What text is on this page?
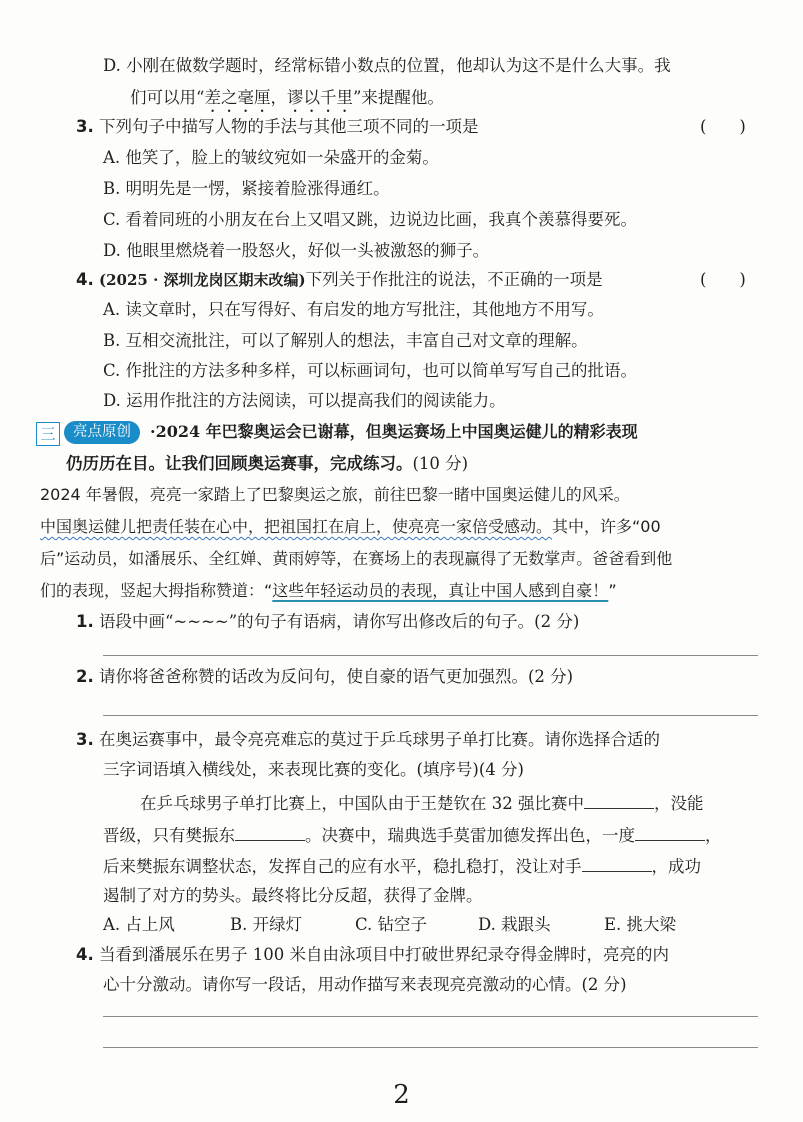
D. 小刚在做数学题时，经常标错小数点的位置，他却认为这不是什么大事。我
们可以用“差之毫厘，谬以千里”来提醒他。
3. 下列句子中描写人物的手法与其他三项不同的一项是	(　　)
A. 他笑了，脸上的皱纹宛如一朵盛开的金菊。
B. 明明先是一愣，紧接着脸涨得通红。
C. 看着同班的小朋友在台上又唱又跳，边说边比画，我真个羡慕得要死。
D. 他眼里燃烧着一股怒火，好似一头被激怒的狮子。
4. (2025 · 深圳龙岗区期末改编)下列关于作批注的说法，不正确的一项是	(　　)
A. 读文章时，只在写得好、有启发的地方写批注，其他地方不用写。
B. 互相交流批注，可以了解别人的想法，丰富自己对文章的理解。
C. 作批注的方法多种多样，可以标画词句，也可以简单写写自己的批语。
D. 运用作批注的方法阅读，可以提高我们的阅读能力。
三	亮点原创	·2024 年巴黎奥运会已谢幕，但奥运赛场上中国奥运健儿的精彩表现
仍历历在目。让我们回顾奥运赛事，完成练习。(10 分)
2024 年暑假，亮亮一家踏上了巴黎奥运之旅，前往巴黎一睹中国奥运健儿的风采。
中国奥运健儿把责任装在心中，把祖国扛在肩上，使亮亮一家倍受感动。其中，许多“00
后”运动员，如潘展乐、全红婵、黄雨婷等，在赛场上的表现赢得了无数掌声。爸爸看到他
们的表现，竖起大拇指称赞道：“这些年轻运动员的表现，真让中国人感到自豪！”
1. 语段中画“~~~~”的句子有语病，请你写出修改后的句子。(2 分)
2. 请你将爸爸称赞的话改为反问句，使自豪的语气更加强烈。(2 分)
3. 在奥运赛事中，最令亮亮难忘的莫过于乒乓球男子单打比赛。请你选择合适的
三字词语填入横线处，来表现比赛的变化。(填序号)(4 分)
在乒乓球男子单打比赛上，中国队由于王楚钦在 32 强比赛中	，没能
晋级，只有樊振东	。决赛中，瑞典选手莫雷加德发挥出色，一度	，
后来樊振东调整状态，发挥自己的应有水平，稳扎稳打，没让对手	，成功
遏制了对方的势头。最终将比分反超，获得了金牌。
A. 占上风	B. 开绿灯	C. 钻空子	D. 栽跟头	E. 挑大梁
4. 当看到潘展乐在男子 100 米自由泳项目中打破世界纪录夺得金牌时，亮亮的内
心十分激动。请你写一段话，用动作描写来表现亮亮激动的心情。(2 分)
2
